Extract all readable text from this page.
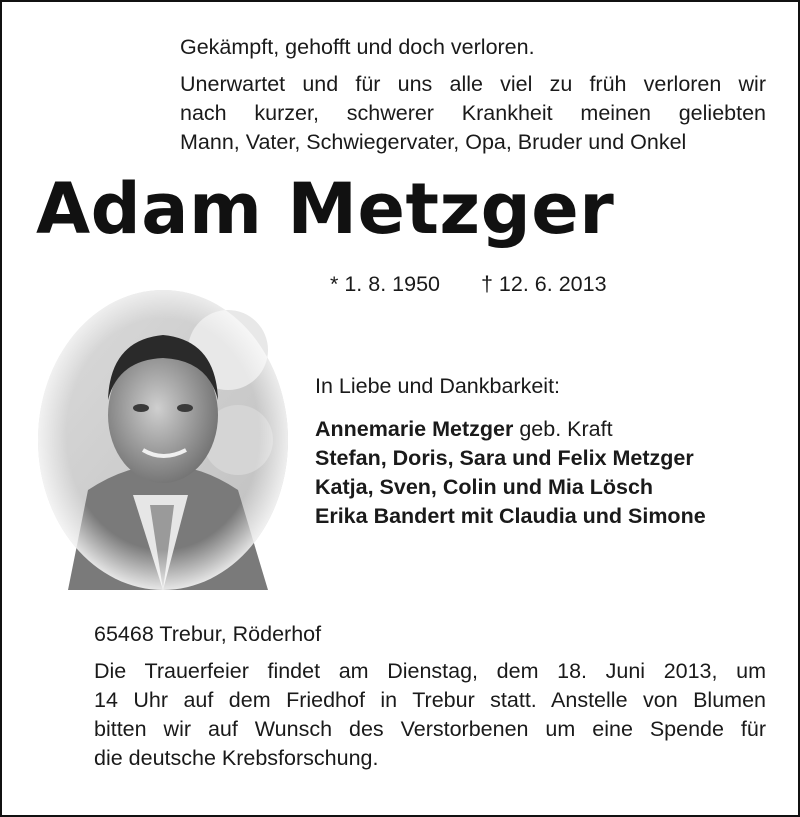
Gekämpft, gehofft und doch verloren.
Unerwartet und für uns alle viel zu früh verloren wir
nach kurzer, schwerer Krankheit meinen geliebten
Mann, Vater, Schwiegervater, Opa, Bruder und Onkel
Adam Metzger
* 1. 8. 1950 † 12. 6. 2013
In Liebe und Dankbarkeit:
Annemarie Metzger geb. Kraft
Stefan, Doris, Sara und Felix Metzger
Katja, Sven, Colin und Mia Lösch
Erika Bandert mit Claudia und Simone
65468 Trebur, Röderhof
Die Trauerfeier findet am Dienstag, dem 18. Juni 2013, um
14 Uhr auf dem Friedhof in Trebur statt. Anstelle von Blumen
bitten wir auf Wunsch des Verstorbenen um eine Spende für
die deutsche Krebsforschung.
